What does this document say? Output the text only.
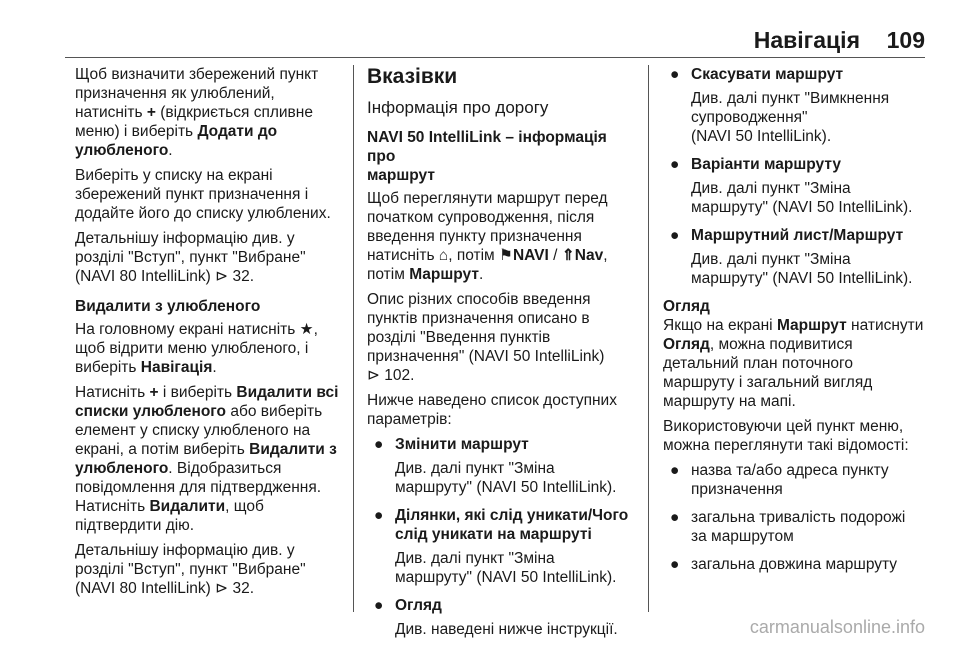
Навігація 109

Щоб визначити збережений пункт
призначення як улюблений,
натисніть + (відкриється спливне
меню) і виберіть Додати до
улюбленого.

Виберіть у списку на екрані
збережений пункт призначення і
додайте його до списку улюблених.

Детальнішу інформацію див. у
розділі "Вступ", пункт "Вибране"
(NAVI 80 IntelliLink) ⊳ 32.

Видалити з улюбленого

На головному екрані натисніть ★,
щоб відрити меню улюбленого, і
виберіть Навігація.

Натисніть + і виберіть Видалити всі
списки улюбленого або виберіть
елемент у списку улюбленого на
екрані, а потім виберіть Видалити з
улюбленого. Відобразиться
повідомлення для підтвердження.
Натисніть Видалити, щоб
підтвердити дію.

Детальнішу інформацію див. у
розділі "Вступ", пункт "Вибране"
(NAVI 80 IntelliLink) ⊳ 32.

Вказівки
Інформація про дорогу
NAVI 50 IntelliLink – інформація про
маршрут

Щоб переглянути маршрут перед
початком супроводження, після
введення пункту призначення
натисніть ⌂, потім ⚑NAVI / ⇑Nav,
потім Маршрут.

Опис різних способів введення
пунктів призначення описано в
розділі "Введення пунктів
призначення" (NAVI 50 IntelliLink)
⊳ 102.

Нижче наведено список доступних
параметрів:

● Змінити маршрут
Див. далі пункт "Зміна
маршруту" (NAVI 50 IntelliLink).
● Ділянки, які слід уникати/Чого слід уникати на маршруті
Див. далі пункт "Зміна
маршруту" (NAVI 50 IntelliLink).
● Огляд
Див. наведені нижче інструкції.
● Скасувати маршрут
Див. далі пункт "Вимкнення
супроводження"
(NAVI 50 IntelliLink).
● Варіанти маршруту
Див. далі пункт "Зміна
маршруту" (NAVI 50 IntelliLink).
● Маршрутний лист/Маршрут
Див. далі пункт "Зміна
маршруту" (NAVI 50 IntelliLink).
Огляд

Якщо на екрані Маршрут натиснути
Огляд, можна подивитися
детальний план поточного
маршруту і загальний вигляд
маршруту на мапі.

Використовуючи цей пункт меню,
можна переглянути такі відомості:

● назва та/або адреса пункту
призначення
● загальна тривалість подорожі
за маршрутом
● загальна довжина маршруту
carmanualsonline.info
